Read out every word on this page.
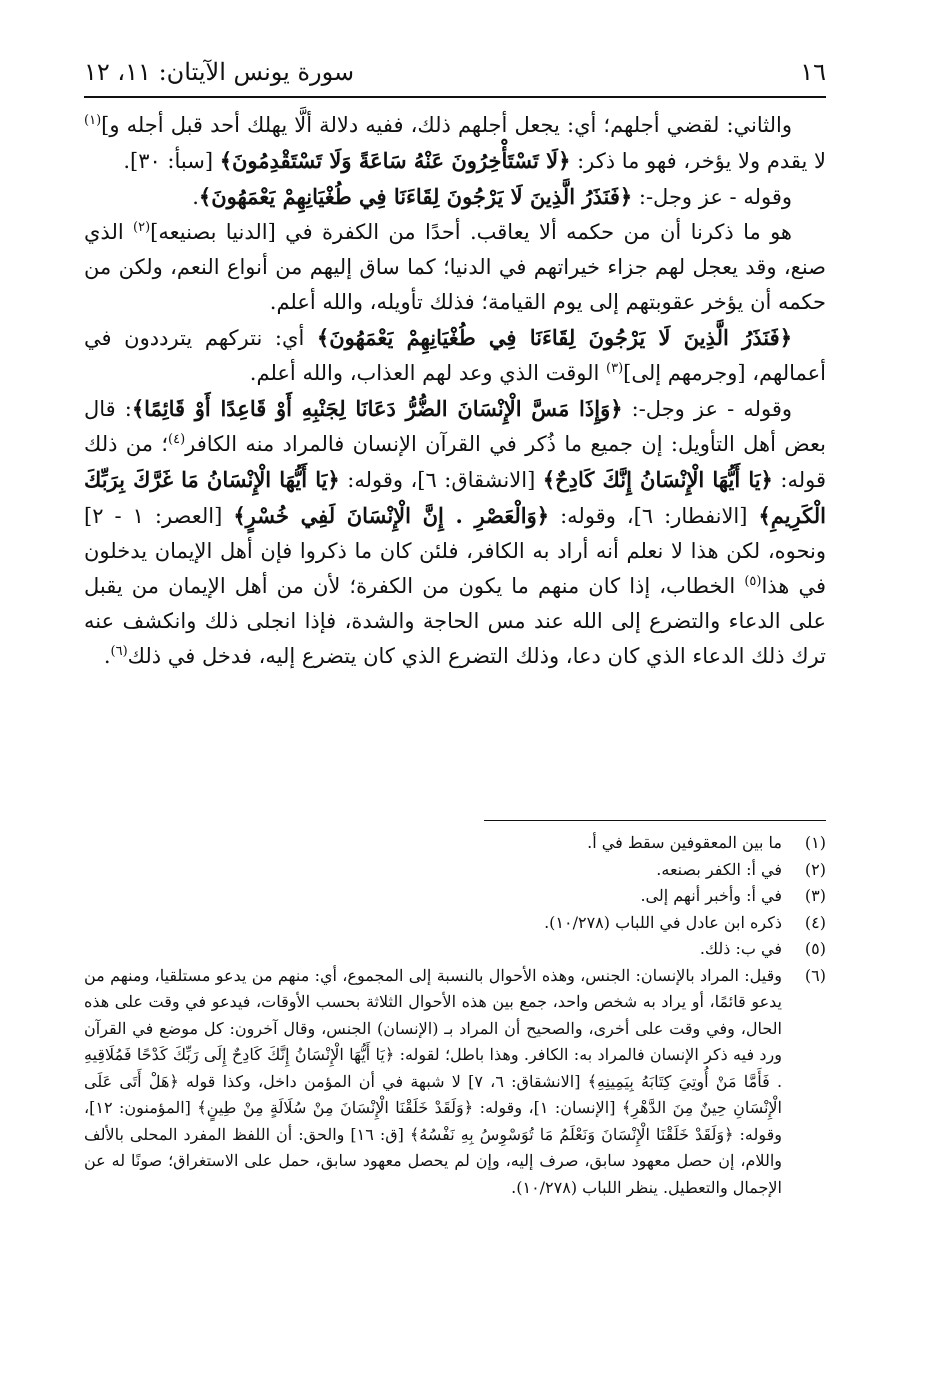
١٦
سورة يونس الآيتان: ١١، ١٢

والثاني: لقضي أجلهم؛ أي: يجعل أجلهم ذلك، ففيه دلالة ألَّا يهلك أحد قبل أجله و]$^{(١)}$ لا يقدم ولا يؤخر، فهو ما ذكر: ﴿لَا تَسْتَأْخِرُونَ عَنْهُ سَاعَةً وَلَا تَسْتَقْدِمُونَ﴾ [سبأ: ٣٠].

وقوله - عز وجل-: ﴿فَنَذَرُ الَّذِينَ لَا يَرْجُونَ لِقَاءَنَا فِي طُغْيَانِهِمْ يَعْمَهُونَ﴾.

هو ما ذكرنا أن من حكمه ألا يعاقب. أحدًا من الكفرة في [الدنيا بصنيعه]$^{(٢)}$ الذي صنع، وقد يعجل لهم جزاء خيراتهم في الدنيا؛ كما ساق إليهم من أنواع النعم، ولكن من حكمه أن يؤخر عقوبتهم إلى يوم القيامة؛ فذلك تأويله، والله أعلم.

﴿فَنَذَرُ الَّذِينَ لَا يَرْجُونَ لِقَاءَنَا فِي طُغْيَانِهِمْ يَعْمَهُونَ﴾ أي: نتركهم يترددون في أعمالهم، [وجرمهم إلى]$^{(٣)}$ الوقت الذي وعد لهم العذاب، والله أعلم.

وقوله - عز وجل-: ﴿وَإِذَا مَسَّ الْإِنْسَانَ الضُّرُّ دَعَانَا لِجَنْبِهِ أَوْ قَاعِدًا أَوْ قَائِمًا﴾: قال بعض أهل التأويل: إن جميع ما ذُكر في القرآن الإنسان فالمراد منه الكافر$^{(٤)}$؛ من ذلك قوله: ﴿يَا أَيُّهَا الْإِنْسَانُ إِنَّكَ كَادِحٌ﴾ [الانشقاق: ٦]، وقوله: ﴿يَا أَيُّهَا الْإِنْسَانُ مَا غَرَّكَ بِرَبِّكَ الْكَرِيمِ﴾ [الانفطار: ٦]، وقوله: ﴿وَالْعَصْرِ . إِنَّ الْإِنْسَانَ لَفِي خُسْرٍ﴾ [العصر: ١ - ٢] ونحوه، لكن هذا لا نعلم أنه أراد به الكافر، فلئن كان ما ذكروا فإن أهل الإيمان يدخلون في هذا$^{(٥)}$ الخطاب، إذا كان منهم ما يكون من الكفرة؛ لأن من أهل الإيمان من يقبل على الدعاء والتضرع إلى الله عند مس الحاجة والشدة، فإذا انجلى ذلك وانكشف عنه ترك ذلك الدعاء الذي كان دعا، وذلك التضرع الذي كان يتضرع إليه، فدخل في ذلك$^{(٦)}$.

(١)
ما بين المعقوفين سقط في أ.
(٢)
في أ: الكفر بصنعه.
(٣)
في أ: وأخبر أنهم إلى.
(٤)
ذكره ابن عادل في اللباب (١٠/٢٧٨).
(٥)
في ب: ذلك.
(٦)
وقيل: المراد بالإنسان: الجنس، وهذه الأحوال بالنسبة إلى المجموع، أي: منهم من يدعو مستلقيا، ومنهم من يدعو قائمًا، أو يراد به شخص واحد، جمع بين هذه الأحوال الثلاثة بحسب الأوقات، فيدعو في وقت على هذه الحال، وفي وقت على أخرى، والصحيح أن المراد بـ (الإنسان) الجنس، وقال آخرون: كل موضع في القرآن ورد فيه ذكر الإنسان فالمراد به: الكافر. وهذا باطل؛ لقوله: ﴿يَا أَيُّهَا الْإِنْسَانُ إِنَّكَ كَادِحٌ إِلَى رَبِّكَ كَدْحًا فَمُلَاقِيهِ . فَأَمَّا مَنْ أُوتِيَ كِتَابَهُ بِيَمِينِهِ﴾ [الانشقاق: ٦، ٧] لا شبهة في أن المؤمن داخل، وكذا قوله ﴿هَلْ أَتَى عَلَى الْإِنْسَانِ حِينٌ مِنَ الدَّهْرِ﴾ [الإنسان: ١]، وقوله: ﴿وَلَقَدْ خَلَقْنَا الْإِنْسَانَ مِنْ سُلَالَةٍ مِنْ طِينٍ﴾ [المؤمنون: ١٢]، وقوله: ﴿وَلَقَدْ خَلَقْنَا الْإِنْسَانَ وَنَعْلَمُ مَا تُوَسْوِسُ بِهِ نَفْسُهُ﴾ [ق: ١٦] والحق: أن اللفظ المفرد المحلى بالألف واللام، إن حصل معهود سابق، صرف إليه، وإن لم يحصل معهود سابق، حمل على الاستغراق؛ صونًا له عن الإجمال والتعطيل. ينظر اللباب (١٠/٢٧٨).
